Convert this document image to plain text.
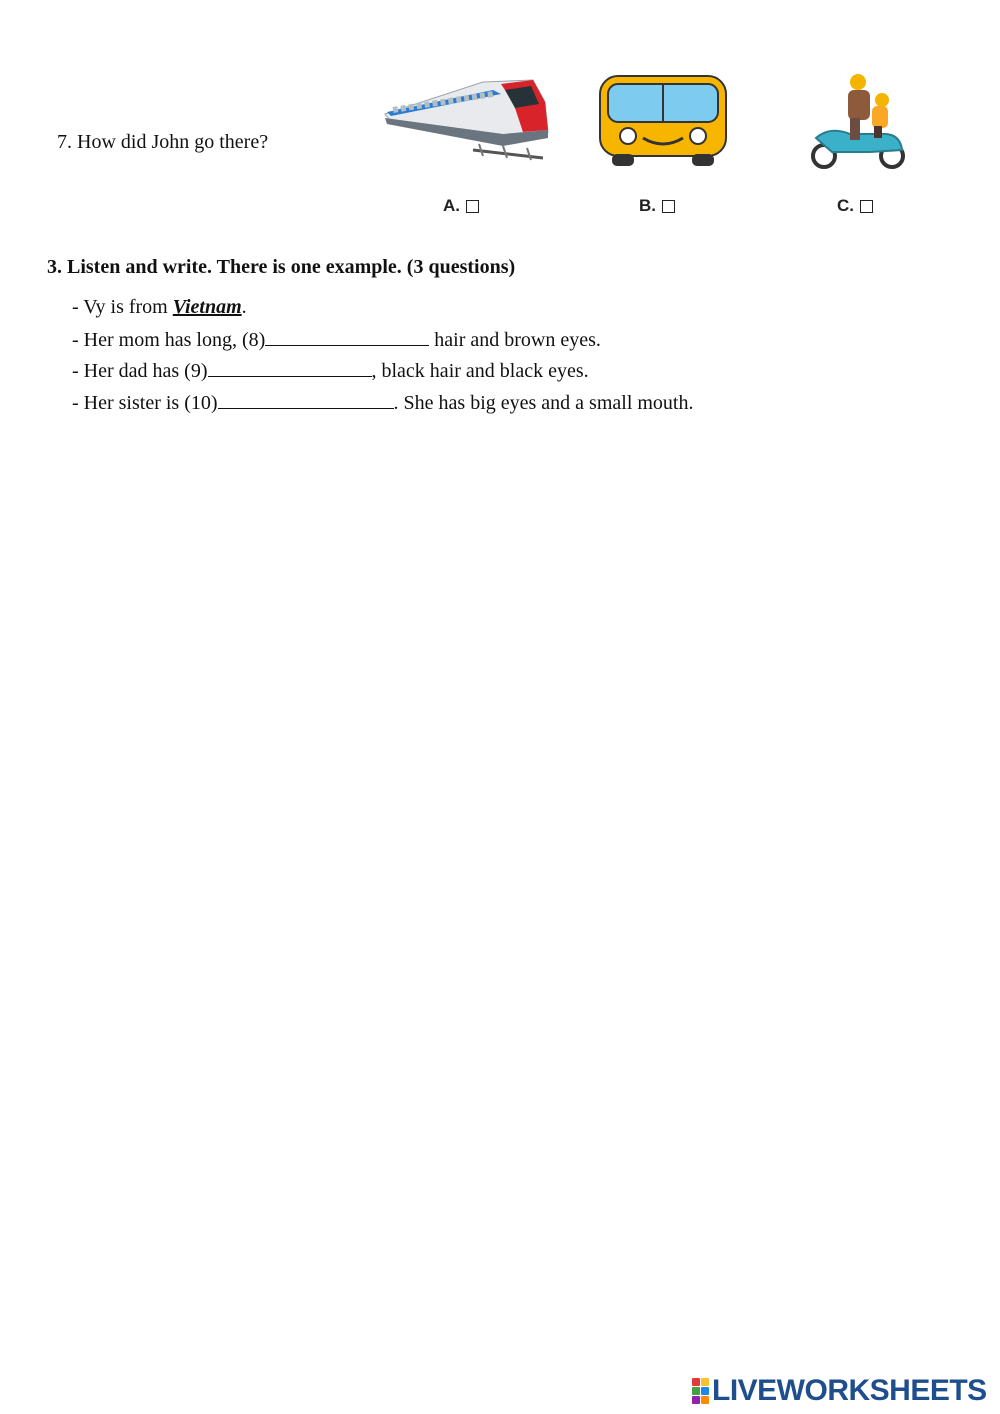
7. How did John go there?
A.	B.	C.
3. Listen and write. There is one example. (3 questions)
- Vy is from Vietnam.
- Her mom has long, (8)	hair and brown eyes.
- Her dad has (9)	, black hair and black eyes.
- Her sister is (10)	. She has big eyes and a small mouth.
LIVEWORKSHEETS
